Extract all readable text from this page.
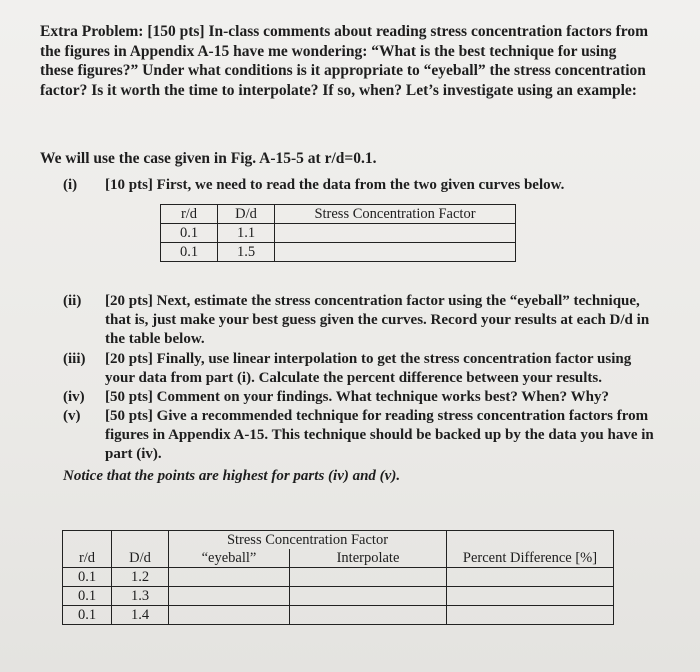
Extra Problem: [150 pts] In-class comments about reading stress concentration factors from the figures in Appendix A-15 have me wondering: “What is the best technique for using these figures?” Under what conditions is it appropriate to “eyeball” the stress concentration factor? Is it worth the time to interpolate? If so, when? Let’s investigate using an example:
We will use the case given in Fig. A-15-5 at r/d=0.1.
(i) [10 pts] First, we need to read the data from the two given curves below.
r/d	D/d	Stress Concentration Factor
0.1	1.1	
0.1	1.5	
(ii) [20 pts] Next, estimate the stress concentration factor using the “eyeball” technique, that is, just make your best guess given the curves. Record your results at each D/d in the table below.
(iii) [20 pts] Finally, use linear interpolation to get the stress concentration factor using your data from part (i). Calculate the percent difference between your results.
(iv) [50 pts] Comment on your findings. What technique works best? When? Why?
(v) [50 pts] Give a recommended technique for reading stress concentration factors from figures in Appendix A-15. This technique should be backed up by the data you have in part (iv).
Notice that the points are highest for parts (iv) and (v).
		Stress Concentration Factor		
r/d	D/d	“eyeball”	Interpolate	Percent Difference [%]
0.1	1.2			
0.1	1.3			
0.1	1.4			
